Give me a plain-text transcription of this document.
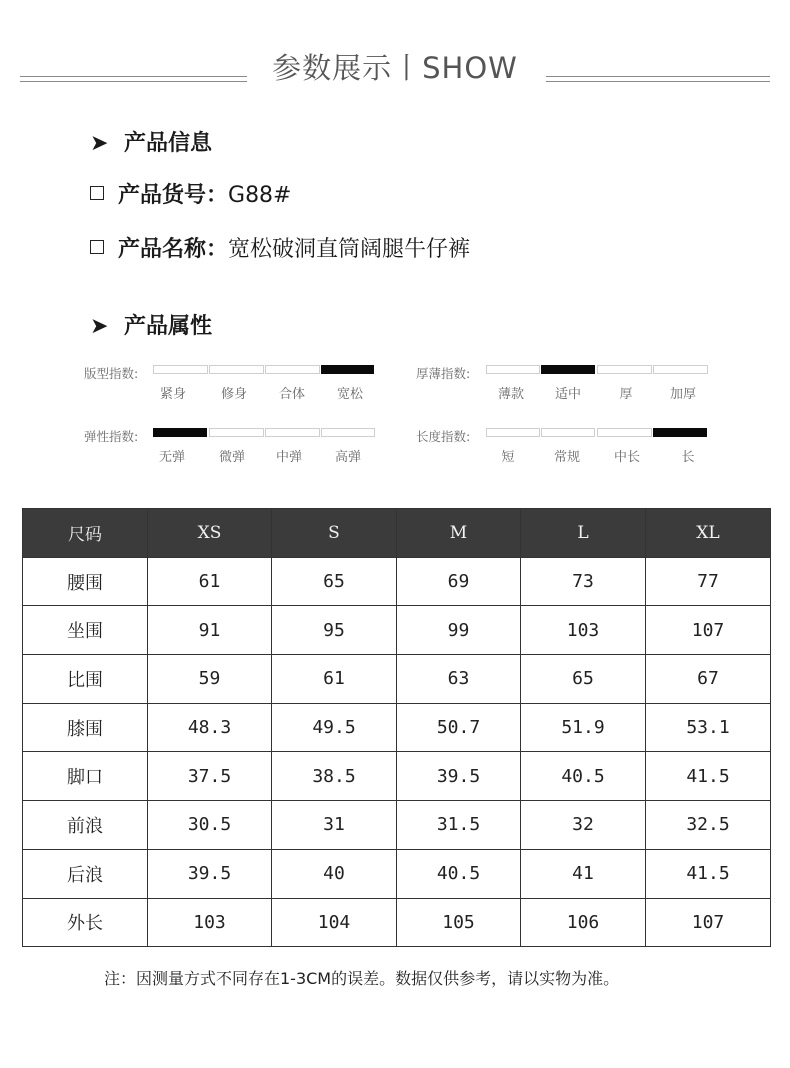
参数展示丨SHOW
➤ 产品信息
产品货号：G88#
产品名称：宽松破洞直筒阔腿牛仔裤
➤ 产品属性
版型指数:
紧身	修身	合体	宽松
厚薄指数:
薄款	适中	厚	加厚
弹性指数:
无弹	微弹	中弹	高弹
长度指数:
短	常规	中长	长
尺码	XS	S	M	L	XL
腰围	61	65	69	73	77
坐围	91	95	99	103	107
比围	59	61	63	65	67
膝围	48.3	49.5	50.7	51.9	53.1
脚口	37.5	38.5	39.5	40.5	41.5
前浪	30.5	31	31.5	32	32.5
后浪	39.5	40	40.5	41	41.5
外长	103	104	105	106	107
注：因测量方式不同存在1-3CM的误差。数据仅供参考，请以实物为准。
